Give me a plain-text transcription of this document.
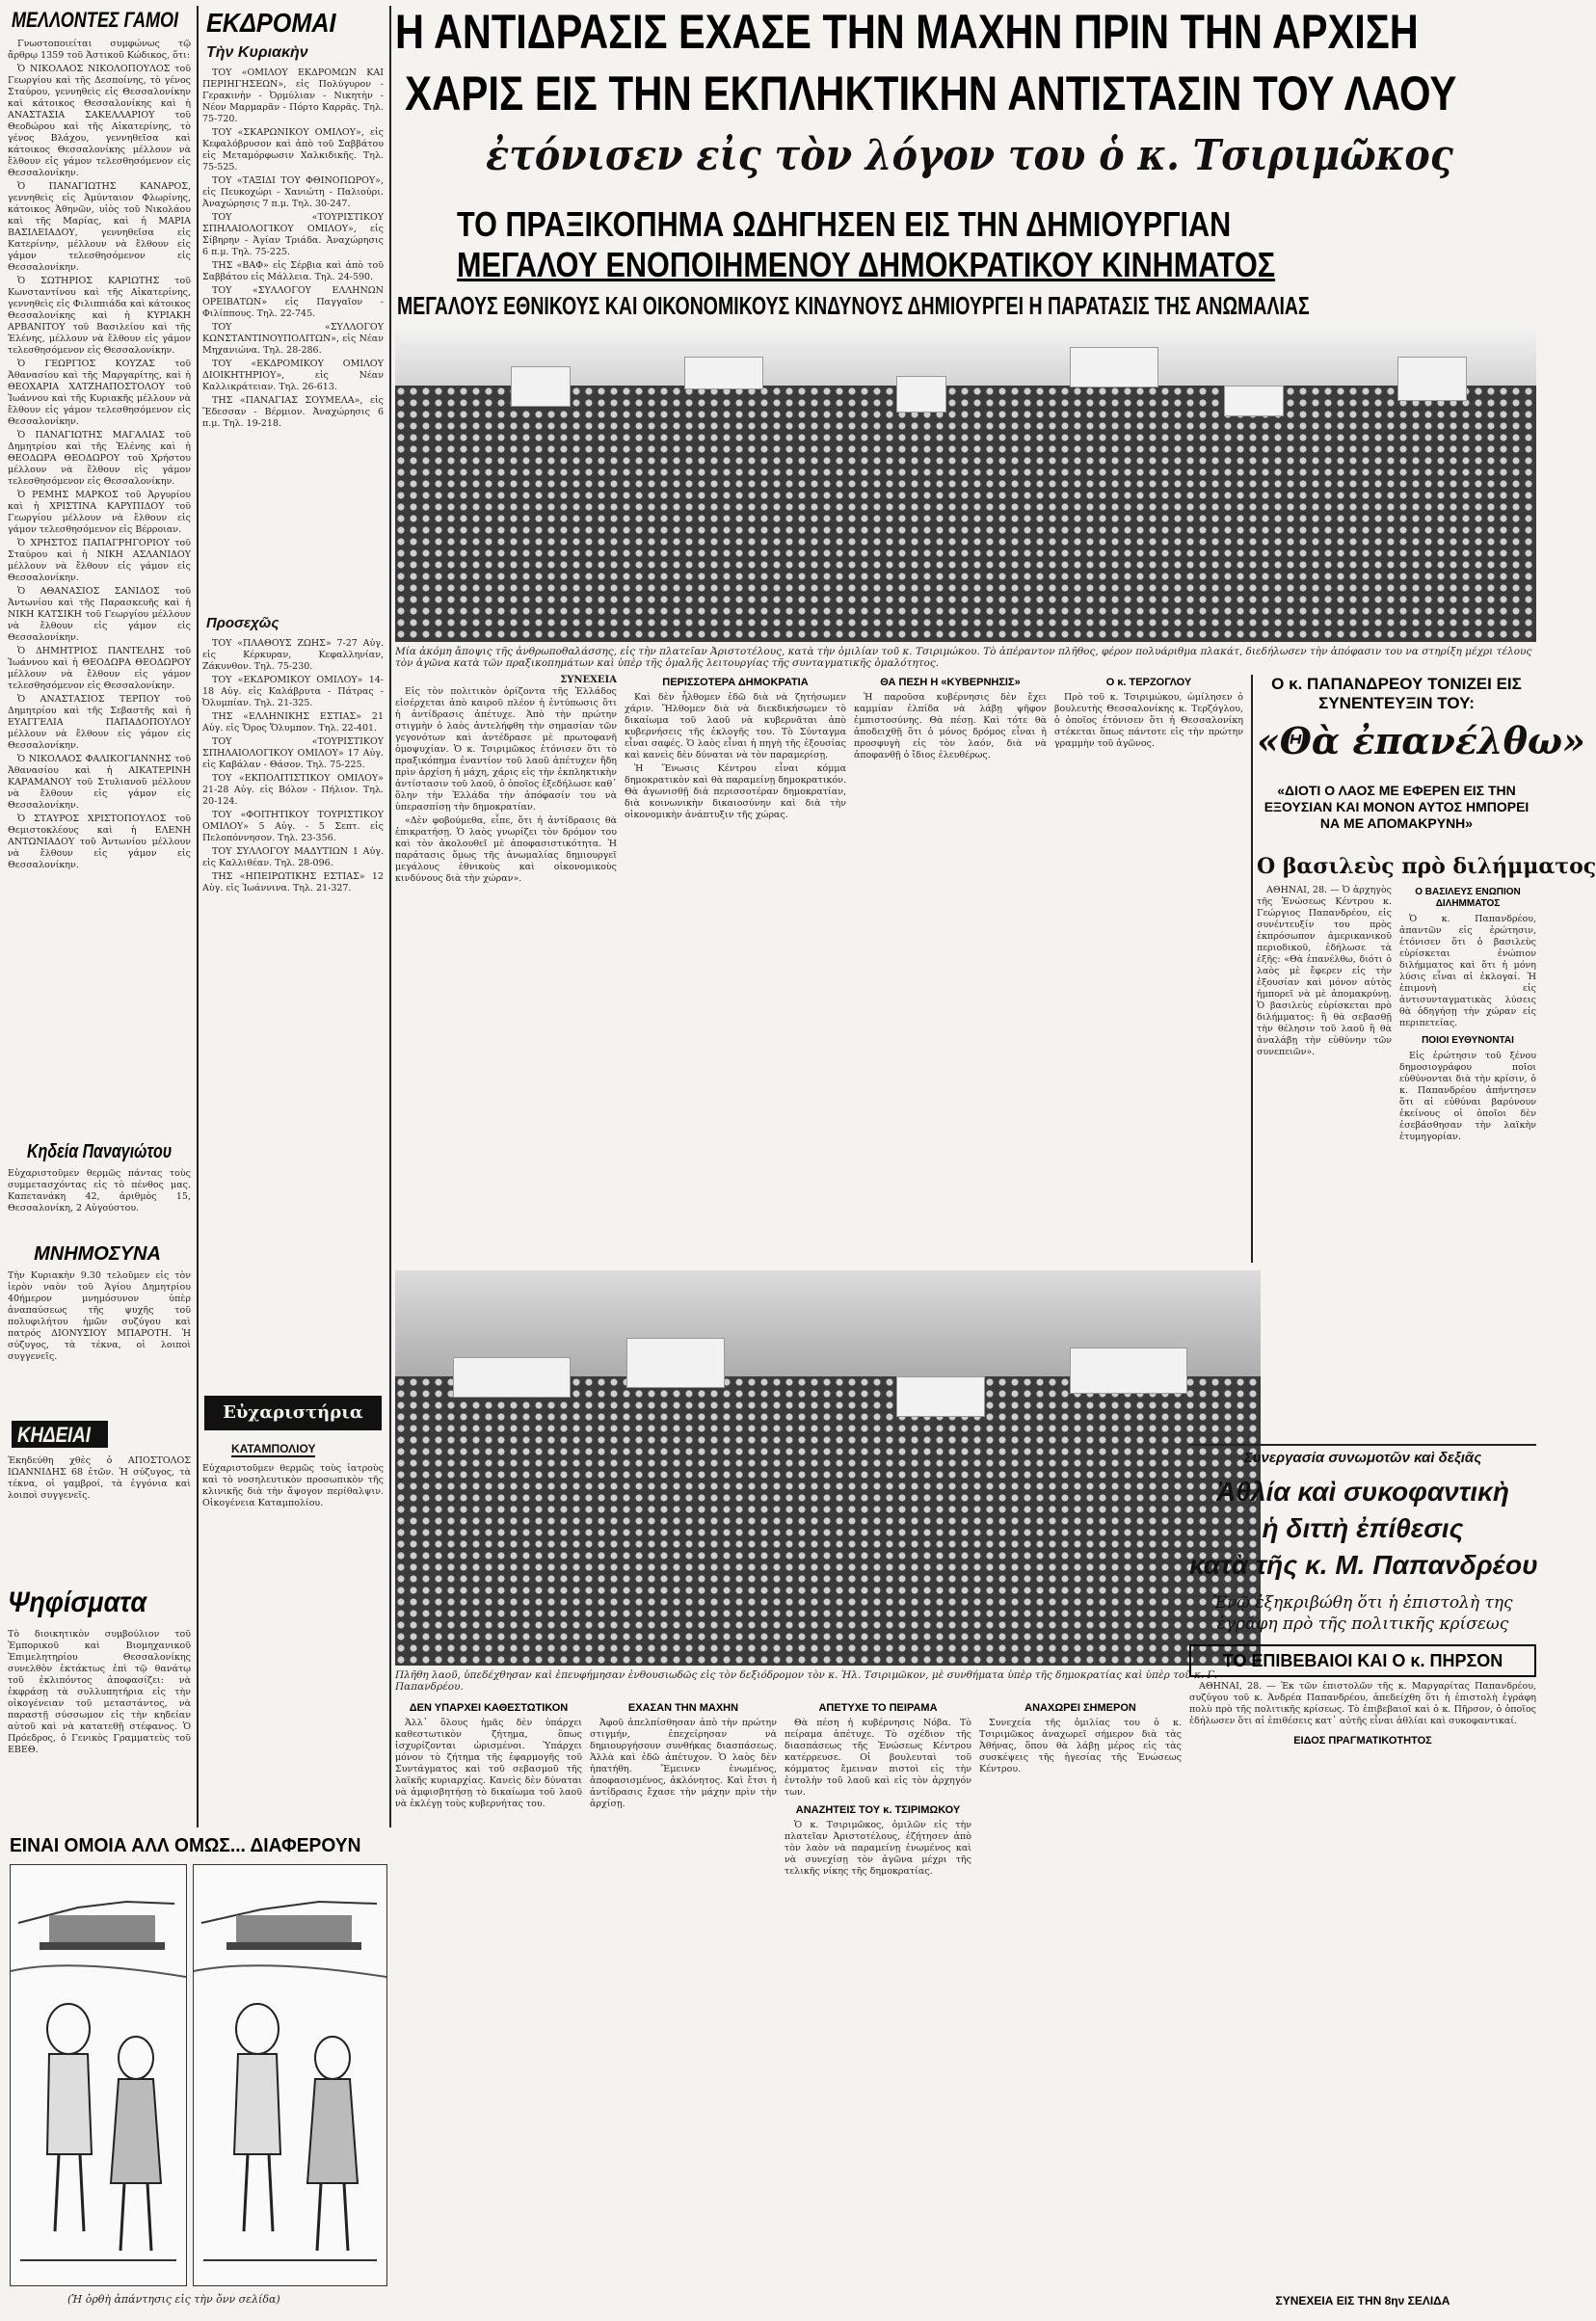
ΜΕΛΛΟΝΤΕΣ ΓΑΜΟΙ

Γνωστοποιείται συμφώνως τῷ ἄρθρῳ 1359 τοῦ Ἀστικοῦ Κώδικος, ὅτι:

Ὁ ΝΙΚΟΛΑΟΣ ΝΙΚΟΛΟΠΟΥΛΟΣ τοῦ Γεωργίου καὶ τῆς Δεσποίνης, τὸ γένος Σταύρου, γεννηθεὶς εἰς Θεσσαλονίκην καὶ κάτοικος Θεσσαλονίκης καὶ ἡ ΑΝΑΣΤΑΣΙΑ ΣΑΚΕΛΛΑΡΙΟΥ τοῦ Θεοδώρου καὶ τῆς Αἰκατερίνης, τὸ γένος Βλάχου, γεννηθεῖσα καὶ κάτοικος Θεσσαλονίκης μέλλουν νὰ ἔλθουν εἰς γάμον τελεσθησόμενον εἰς Θεσσαλονίκην.

Ὁ ΠΑΝΑΓΙΩΤΗΣ ΚΑΝΑΡΟΣ, γεννηθεὶς εἰς Ἀμύνταιον Φλωρίνης, κάτοικος Ἀθηνῶν, υἱὸς τοῦ Νικολάου καὶ τῆς Μαρίας, καὶ ἡ ΜΑΡΙΑ ΒΑΣΙΛΕΙΑΔΟΥ, γεννηθεῖσα εἰς Κατερίνην, μέλλουν νὰ ἔλθουν εἰς γάμον τελεσθησόμενον εἰς Θεσσαλονίκην.

Ὁ ΣΩΤΗΡΙΟΣ ΚΑΡΙΩΤΗΣ τοῦ Κωνσταντίνου καὶ τῆς Αἰκατερίνης, γεννηθεὶς εἰς Φιλιππιάδα καὶ κάτοικος Θεσσαλονίκης καὶ ἡ ΚΥΡΙΑΚΗ ΑΡΒΑΝΙΤΟΥ τοῦ Βασιλείου καὶ τῆς Ἑλένης, μέλλουν νὰ ἔλθουν εἰς γάμον τελεσθησόμενον εἰς Θεσσαλονίκην.

Ὁ ΓΕΩΡΓΙΟΣ ΚΟΥΖΑΣ τοῦ Ἀθανασίου καὶ τῆς Μαργαρίτης, καὶ ἡ ΘΕΟΧΑΡΙΑ ΧΑΤΖΗΑΠΟΣΤΟΛΟΥ τοῦ Ἰωάννου καὶ τῆς Κυριακῆς μέλλουν νὰ ἔλθουν εἰς γάμον τελεσθησόμενον εἰς Θεσσαλονίκην.

Ὁ ΠΑΝΑΓΙΩΤΗΣ ΜΑΓΑΛΙΑΣ τοῦ Δημητρίου καὶ τῆς Ἑλένης καὶ ἡ ΘΕΟΔΩΡΑ ΘΕΟΔΩΡΟΥ τοῦ Χρήστου μέλλουν νὰ ἔλθουν εἰς γάμον τελεσθησόμενον εἰς Θεσσαλονίκην.

Ὁ ΡΕΜΗΣ ΜΑΡΚΟΣ τοῦ Ἀργυρίου καὶ ἡ ΧΡΙΣΤΙΝΑ ΚΑΡΥΠΙΔΟΥ τοῦ Γεωργίου μέλλουν νὰ ἔλθουν εἰς γάμον τελεσθησόμενον εἰς Βέρροιαν.

Ὁ ΧΡΗΣΤΟΣ ΠΑΠΑΓΡΗΓΟΡΙΟΥ τοῦ Σταύρου καὶ ἡ ΝΙΚΗ ΑΣΛΑΝΙΔΟΥ μέλλουν νὰ ἔλθουν εἰς γάμον εἰς Θεσσαλονίκην.

Ὁ ΑΘΑΝΑΣΙΟΣ ΣΑΝΙΔΟΣ τοῦ Ἀντωνίου καὶ τῆς Παρασκευῆς καὶ ἡ ΝΙΚΗ ΚΑΤΣΙΚΗ τοῦ Γεωργίου μέλλουν νὰ ἔλθουν εἰς γάμον εἰς Θεσσαλονίκην.

Ὁ ΔΗΜΗΤΡΙΟΣ ΠΑΝΤΕΛΗΣ τοῦ Ἰωάννου καὶ ἡ ΘΕΟΔΩΡΑ ΘΕΟΔΩΡΟΥ μέλλουν νὰ ἔλθουν εἰς γάμον τελεσθησόμενον εἰς Θεσσαλονίκην.

Ὁ ΑΝΑΣΤΑΣΙΟΣ ΤΕΡΠΟΥ τοῦ Δημητρίου καὶ τῆς Σεβαστῆς καὶ ἡ ΕΥΑΓΓΕΛΙΑ ΠΑΠΑΔΟΠΟΥΛΟΥ μέλλουν νὰ ἔλθουν εἰς γάμον εἰς Θεσσαλονίκην.

Ὁ ΝΙΚΟΛΑΟΣ ΦΑΛΙΚΟΓΙΑΝΝΗΣ τοῦ Ἀθανασίου καὶ ἡ ΑΙΚΑΤΕΡΙΝΗ ΚΑΡΑΜΑΝΟΥ τοῦ Στυλιανοῦ μέλλουν νὰ ἔλθουν εἰς γάμον εἰς Θεσσαλονίκην.

Ὁ ΣΤΑΥΡΟΣ ΧΡΙΣΤΟΠΟΥΛΟΣ τοῦ Θεμιστοκλέους καὶ ἡ ΕΛΕΝΗ ΑΝΤΩΝΙΑΔΟΥ τοῦ Ἀντωνίου μέλλουν νὰ ἔλθουν εἰς γάμον εἰς Θεσσαλονίκην.

Κηδεία Παναγιώτου
Εὐχαριστοῦμεν θερμῶς πάντας τοὺς συμμετασχόντας εἰς τὸ πένθος μας. Καπετανάκη 42, ἀριθμὸς 15, Θεσσαλονίκη, 2 Αὐγούστου.
ΜΝΗΜΟΣΥΝΑ
Τὴν Κυριακὴν 9.30 τελοῦμεν εἰς τὸν ἱερὸν ναὸν τοῦ Ἁγίου Δημητρίου 40ήμερον μνημόσυνον ὑπὲρ ἀναπαύσεως τῆς ψυχῆς τοῦ πολυφιλήτου ἡμῶν συζύγου καὶ πατρός ΔΙΟΝΥΣΙΟΥ ΜΠΑΡΟΤΗ. Ἡ σύζυγος, τὰ τέκνα, οἱ λοιποὶ συγγενεῖς.
ΚΗΔΕΙΑΙ
Ἐκηδεύθη χθὲς ὁ ΑΠΟΣΤΟΛΟΣ ΙΩΑΝΝΙΔΗΣ 68 ἐτῶν. Ἡ σύζυγος, τὰ τέκνα, οἱ γαμβροί, τὰ ἐγγόνια καὶ λοιποὶ συγγενεῖς.
Ψηφίσματα
Τὸ διοικητικὸν συμβούλιον τοῦ Ἐμπορικοῦ καὶ Βιομηχανικοῦ Ἐπιμελητηρίου Θεσσαλονίκης συνελθὸν ἐκτάκτως ἐπὶ τῷ θανάτῳ τοῦ ἐκλιπόντος ἀποφασίζει: νὰ ἐκφράσῃ τὰ συλλυπητήρια εἰς τὴν οἰκογένειαν τοῦ μεταστάντος, νὰ παραστῇ σύσσωμον εἰς τὴν κηδείαν αὐτοῦ καὶ νὰ κατατεθῇ στέφανος. Ὁ Πρόεδρος, ὁ Γενικὸς Γραμματεὺς τοῦ ΕΒΕΘ.
ΕΙΝΑΙ ΟΜΟΙΑ ΑΛΛ ΟΜΩΣ... ΔΙΑΦΕΡΟΥΝ
(Ἡ ὀρθὴ ἀπάντησις εἰς τὴν ὄνν σελίδα)
ΕΚΔΡΟΜΑΙ
Τὴν Κυριακὴν

ΤΟΥ «ΟΜΙΛΟΥ ΕΚΔΡΟΜΩΝ ΚΑΙ ΠΕΡΙΗΓΗΣΕΩΝ», εἰς Πολύγυρον - Γερακινὴν - Ὀρμύλιαν - Νικητὴν - Νέον Μαρμαρᾶν - Πόρτο Καρρᾶς. Τηλ. 75-720.

ΤΟΥ «ΣΚΑΡΩΝΙΚΟΥ ΟΜΙΛΟΥ», εἰς Κεφαλόβρυσον καὶ ἀπὸ τοῦ Σαββάτου εἰς Μεταμόρφωσιν Χαλκιδικῆς. Τηλ. 75-525.

ΤΟΥ «ΤΑΞΙΔΙ ΤΟΥ ΦΘΙΝΟΠΩΡΟΥ», εἰς Πευκοχώρι - Χανιώτη - Παλιούρι. Ἀναχώρησις 7 π.μ. Τηλ. 30-247.

ΤΟΥ «ΤΟΥΡΙΣΤΙΚΟΥ ΣΠΗΛΑΙΟΛΟΓΙΚΟΥ ΟΜΙΛΟΥ», εἰς Σίβηρην - Ἁγίαν Τριάδα. Ἀναχώρησις 6 π.μ. Τηλ. 75-225.

ΤΗΣ «ΒΑΦ» εἰς Σέρβια καὶ ἀπὸ τοῦ Σαββάτου εἰς Μάλλεια. Τηλ. 24-590.

ΤΟΥ «ΣΥΛΛΟΓΟΥ ΕΛΛΗΝΩΝ ΟΡΕΙΒΑΤΩΝ» εἰς Παγγαῖον - Φιλίππους. Τηλ. 22-745.

ΤΟΥ «ΣΥΛΛΟΓΟΥ ΚΩΝΣΤΑΝΤΙΝΟΥΠΟΛΙΤΩΝ», εἰς Νέαν Μηχανιώνα. Τηλ. 28-286.

ΤΟΥ «ΕΚΔΡΟΜΙΚΟΥ ΟΜΙΛΟΥ ΔΙΟΙΚΗΤΗΡΙΟΥ», εἰς Νέαν Καλλικράτειαν. Τηλ. 26-613.

ΤΗΣ «ΠΑΝΑΓΙΑΣ ΣΟΥΜΕΛΑ», εἰς Ἔδεσσαν - Βέρμιον. Ἀναχώρησις 6 π.μ. Τηλ. 19-218.

Προσεχῶς

ΤΟΥ «ΠΛΑΘΟΥΣ ΖΩΗΣ» 7-27 Αὐγ. εἰς Κέρκυραν, Κεφαλληνίαν, Ζάκυνθον. Τηλ. 75-230.

ΤΟΥ «ΕΚΔΡΟΜΙΚΟΥ ΟΜΙΛΟΥ» 14-18 Αὐγ. εἰς Καλάβρυτα - Πάτρας - Ὀλυμπίαν. Τηλ. 21-325.

ΤΗΣ «ΕΛΛΗΝΙΚΗΣ ΕΣΤΙΑΣ» 21 Αὐγ. εἰς Ὄρος Ὄλυμπον. Τηλ. 22-401.

ΤΟΥ «ΤΟΥΡΙΣΤΙΚΟΥ ΣΠΗΛΑΙΟΛΟΓΙΚΟΥ ΟΜΙΛΟΥ» 17 Αὐγ. εἰς Καβάλαν - Θάσον. Τηλ. 75-225.

ΤΟΥ «ΕΚΠΟΛΙΤΙΣΤΙΚΟΥ ΟΜΙΛΟΥ» 21-28 Αὐγ. εἰς Βόλον - Πήλιον. Τηλ. 20-124.

ΤΟΥ «ΦΟΙΤΗΤΙΚΟΥ ΤΟΥΡΙΣΤΙΚΟΥ ΟΜΙΛΟΥ» 5 Αὐγ. - 5 Σεπτ. εἰς Πελοπόννησον. Τηλ. 23-356.

ΤΟΥ ΣΥΛΛΟΓΟΥ ΜΑΔΥΤΙΩΝ 1 Αὐγ. εἰς Καλλιθέαν. Τηλ. 28-096.

ΤΗΣ «ΗΠΕΙΡΩΤΙΚΗΣ ΕΣΤΙΑΣ» 12 Αὐγ. εἰς Ἰωάννινα. Τηλ. 21-327.

Εὐχαριστήρια
ΚΑΤΑΜΠΟΛΙΟΥ
Εὐχαριστοῦμεν θερμῶς τοὺς ἰατροὺς καὶ τὸ νοσηλευτικὸν προσωπικὸν τῆς κλινικῆς διὰ τὴν ἄψογον περίθαλψιν. Οἰκογένεια Καταμπολίου.
Η ΑΝΤΙΔΡΑΣΙΣ ΕΧΑΣΕ ΤΗΝ ΜΑΧΗΝ ΠΡΙΝ ΤΗΝ ΑΡΧΙΣΗ
ΧΑΡΙΣ ΕΙΣ ΤΗΝ ΕΚΠΛΗΚΤΙΚΗΝ ΑΝΤΙΣΤΑΣΙΝ ΤΟΥ ΛΑΟΥ
ἐτόνισεν εἰς τὸν λόγον του ὁ κ. Τσιριμῶκος
ΤΟ ΠΡΑΞΙΚΟΠΗΜΑ ΩΔΗΓΗΣΕΝ ΕΙΣ ΤΗΝ ΔΗΜΙΟΥΡΓΙΑΝ
ΜΕΓΑΛΟΥ ΕΝΟΠΟΙΗΜΕΝΟΥ ΔΗΜΟΚΡΑΤΙΚΟΥ ΚΙΝΗΜΑΤΟΣ
ΜΕΓΑΛΟΥΣ ΕΘΝΙΚΟΥΣ ΚΑΙ ΟΙΚΟΝΟΜΙΚΟΥΣ ΚΙΝΔΥΝΟΥΣ ΔΗΜΙΟΥΡΓΕΙ Η ΠΑΡΑΤΑΣΙΣ ΤΗΣ ΑΝΩΜΑΛΙΑΣ
Μία ἀκόμη ἄποψις τῆς ἀνθρωποθαλάσσης, εἰς τὴν πλατεῖαν Ἀριστοτέλους, κατὰ τὴν ὁμιλίαν τοῦ κ. Τσιριμώκου. Τὸ ἀπέραντον πλῆθος, φέρον πολυάριθμα πλακάτ, διεδήλωσεν τὴν ἀπόφασιν του να στηρίξη μέχρι τέλους τὸν ἀγῶνα κατὰ τῶν πραξικοπημάτων καὶ ὑπὲρ τῆς ὁμαλῆς λειτουργίας τῆς συνταγματικῆς ὁμαλότητος.
ΣΥΝΕΧΕΙΑ

Εἰς τὸν πολιτικὸν ὁρίζοντα τῆς Ἑλλάδος εἰσέρχεται ἀπὸ καιροῦ πλέον ἡ ἐντύπωσις ὅτι ἡ ἀντίδρασις ἀπέτυχε. Ἀπὸ τὴν πρώτην στιγμὴν ὁ λαὸς ἀντελήφθη τὴν σημασίαν τῶν γεγονότων καὶ ἀντέδρασε μὲ πρωτοφανῆ ὁμοψυχίαν. Ὁ κ. Τσιριμῶκος ἐτόνισεν ὅτι τὸ πραξικόπημα ἐναντίον τοῦ λαοῦ ἀπέτυχεν ἤδη πρὶν ἀρχίση ἡ μάχη, χάρις εἰς τὴν ἐκπληκτικὴν ἀντίστασιν τοῦ λαοῦ, ὁ ὁποῖος ἐξεδήλωσε καθ᾽ ὅλην τὴν Ἑλλάδα τὴν ἀπόφασίν του νὰ ὑπερασπίσῃ τὴν δημοκρατίαν.

«Δὲν φοβούμεθα, εἶπε, ὅτι ἡ ἀντίδρασις θὰ ἐπικρατήσῃ. Ὁ λαὸς γνωρίζει τὸν δρόμον του καὶ τὸν ἀκολουθεῖ μὲ ἀποφασιστικότητα. Ἡ παράτασις ὅμως τῆς ἀνωμαλίας δημιουργεῖ μεγάλους ἐθνικοὺς καὶ οἰκονομικοὺς κινδύνους διὰ τὴν χώραν».

ΠΕΡΙΣΣΟΤΕΡΑ ΔΗΜΟΚΡΑΤΙΑ

Καὶ δὲν ἦλθομεν ἐδῶ διὰ νὰ ζητήσωμεν χάριν. Ἤλθομεν διὰ νὰ διεκδικήσωμεν τὸ δικαίωμα τοῦ λαοῦ νὰ κυβερνᾶται ἀπὸ κυβερνήσεις τῆς ἐκλογῆς του. Τὸ Σύνταγμα εἶναι σαφές. Ὁ λαὸς εἶναι ἡ πηγὴ τῆς ἐξουσίας καὶ κανεὶς δὲν δύναται νὰ τὸν παραμερίσῃ.

Ἡ Ἕνωσις Κέντρου εἶναι κόμμα δημοκρατικὸν καὶ θὰ παραμείνῃ δημοκρατικόν. Θὰ ἀγωνισθῇ διὰ περισσοτέραν δημοκρατίαν, διὰ κοινωνικὴν δικαιοσύνην καὶ διὰ τὴν οἰκονομικὴν ἀνάπτυξιν τῆς χώρας.

ΘΑ ΠΕΣΗ Η «ΚΥΒΕΡΝΗΣΙΣ»

Ἡ παροῦσα κυβέρνησις δὲν ἔχει καμμίαν ἐλπίδα νὰ λάβῃ ψῆφον ἐμπιστοσύνης. Θὰ πέσῃ. Καὶ τότε θὰ ἀποδειχθῇ ὅτι ὁ μόνος δρόμος εἶναι ἡ προσφυγὴ εἰς τὸν λαόν, διὰ νὰ ἀποφανθῇ ὁ ἴδιος ἐλευθέρως.

Ο κ. ΤΕΡΖΟΓΛΟΥ

Πρὸ τοῦ κ. Τσιριμώκου, ὡμίλησεν ὁ βουλευτὴς Θεσσαλονίκης κ. Τερζόγλου, ὁ ὁποῖος ἐτόνισεν ὅτι ἡ Θεσσαλονίκη στέκεται ὅπως πάντοτε εἰς τὴν πρώτην γραμμὴν τοῦ ἀγῶνος.

Πλῆθη λαοῦ, ὑπεδέχθησαν καὶ ἐπευφήμησαν ἐνθουσιωδῶς εἰς τὸν δεξιόδρομον τὸν κ. Ἠλ. Τσιριμῶκον, μὲ συνθήματα ὑπὲρ τῆς δημοκρατίας καὶ ὑπὲρ τοῦ κ. Γ. Παπανδρέου.
ΔΕΝ ΥΠΑΡΧΕΙ ΚΑΘΕΣΤΩΤΙΚΟΝ

Ἀλλ᾽ ὅλους ἡμᾶς δὲν ὑπάρχει καθεστωτικὸν ζήτημα, ὅπως ἰσχυρίζονται ὡρισμένοι. Ὑπάρχει μόνον τὸ ζήτημα τῆς ἐφαρμογῆς τοῦ Συντάγματος καὶ τοῦ σεβασμοῦ τῆς λαϊκῆς κυριαρχίας. Κανεὶς δὲν δύναται νὰ ἀμφισβητήσῃ τὸ δικαίωμα τοῦ λαοῦ νὰ ἐκλέγῃ τοὺς κυβερνήτας του.

ΕΧΑΣΑΝ ΤΗΝ ΜΑΧΗΝ

Ἀφοῦ ἀπελπίσθησαν ἀπὸ τὴν πρώτην στιγμήν, ἐπεχείρησαν νὰ δημιουργήσουν συνθήκας διασπάσεως. Ἀλλὰ καὶ ἐδῶ ἀπέτυχον. Ὁ λαὸς δὲν ἠπατήθη. Ἔμεινεν ἑνωμένος, ἀποφασισμένος, ἀκλόνητος. Καὶ ἔτσι ἡ ἀντίδρασις ἔχασε τὴν μάχην πρὶν τὴν ἀρχίσῃ.

ΑΠΕΤΥΧΕ ΤΟ ΠΕΙΡΑΜΑ

Θὰ πέση ἡ κυβέρνησις Νόβα. Τὸ πείραμα ἀπέτυχε. Τὸ σχέδιον τῆς διασπάσεως τῆς Ἑνώσεως Κέντρου κατέρρευσε. Οἱ βουλευταὶ τοῦ κόμματος ἔμειναν πιστοὶ εἰς τὴν ἐντολὴν τοῦ λαοῦ καὶ εἰς τὸν ἀρχηγόν των.

ΑΝΑΖΗΤΕΙΣ ΤΟΥ κ. ΤΣΙΡΙΜΩΚΟΥ

Ὁ κ. Τσιριμῶκος, ὁμιλῶν εἰς τὴν πλατεῖαν Ἀριστοτέλους, ἐζήτησεν ἀπὸ τὸν λαὸν νὰ παραμείνῃ ἑνωμένος καὶ νὰ συνεχίσῃ τὸν ἀγῶνα μέχρι τῆς τελικῆς νίκης τῆς δημοκρατίας.

ΑΝΑΧΩΡΕΙ ΣΗΜΕΡΟΝ

Συνεχεία τῆς ὁμιλίας του ὁ κ. Τσιριμῶκος ἀναχωρεῖ σήμερον διὰ τὰς Ἀθήνας, ὅπου θὰ λάβῃ μέρος εἰς τὰς συσκέψεις τῆς ἡγεσίας τῆς Ἑνώσεως Κέντρου.

Ο κ. ΠΑΠΑΝΔΡΕΟΥ ΤΟΝΙΖΕΙ ΕΙΣ ΣΥΝΕΝΤΕΥΞΙΝ ΤΟΥ:
«Θὰ ἐπανέλθω»
«ΔΙΟΤΙ Ο ΛΑΟΣ ΜΕ ΕΦΕΡΕΝ ΕΙΣ ΤΗΝ ΕΞΟΥΣΙΑΝ ΚΑΙ ΜΟΝΟΝ ΑΥΤΟΣ ΗΜΠΟΡΕΙ ΝΑ ΜΕ ΑΠΟΜΑΚΡΥΝΗ»
Ο βασιλεὺς πρὸ διλήμματος

ΑΘΗΝΑΙ, 28. — Ὁ ἀρχηγὸς τῆς Ἑνώσεως Κέντρου κ. Γεώργιος Παπανδρέου, εἰς συνέντευξίν του πρὸς ἐκπρόσωπον ἀμερικανικοῦ περιοδικοῦ, ἐδήλωσε τὰ ἑξῆς: «Θὰ ἐπανέλθω, διότι ὁ λαὸς μὲ ἔφερεν εἰς τὴν ἐξουσίαν καὶ μόνον αὐτὸς ἠμπορεῖ νὰ μὲ ἀπομακρύνῃ. Ὁ βασιλεὺς εὑρίσκεται πρὸ διλήμματος: ἢ θὰ σεβασθῇ τὴν θέλησιν τοῦ λαοῦ ἢ θὰ ἀναλάβῃ τὴν εὐθύνην τῶν συνεπειῶν».

Ο ΒΑΣΙΛΕΥΣ ΕΝΩΠΙΟΝ ΔΙΛΗΜΜΑΤΟΣ

Ὁ κ. Παπανδρέου, ἀπαντῶν εἰς ἐρώτησιν, ἐτόνισεν ὅτι ὁ βασιλεὺς εὑρίσκεται ἐνώπιον διλήμματος καὶ ὅτι ἡ μόνη λύσις εἶναι αἱ ἐκλογαί. Ἡ ἐπιμονὴ εἰς ἀντισυνταγματικὰς λύσεις θὰ ὁδηγήσῃ τὴν χώραν εἰς περιπετείας.

ΠΟΙΟΙ ΕΥΘΥΝΟΝΤΑΙ

Εἰς ἐρώτησιν τοῦ ξένου δημοσιογράφου ποῖοι εὐθύνονται διὰ τὴν κρίσιν, ὁ κ. Παπανδρέου ἀπήντησεν ὅτι αἱ εὐθύναι βαρύνουν ἐκείνους οἱ ὁποῖοι δὲν ἐσεβάσθησαν τὴν λαϊκὴν ἐτυμηγορίαν.

Συνεργασία συνωμοτῶν καὶ δεξιᾶς
Ἀθλία καὶ συκοφαντικὴ
ἡ διττὴ ἐπίθεσις
κατὰ τῆς κ. Μ. Παπανδρέου
Ἐνῷ ἐξηκριβώθη ὅτι ἡ ἐπιστολὴ της ἐγράφη πρὸ τῆς πολιτικῆς κρίσεως
ΤΟ ΕΠΙΒΕΒΑΙΟΙ ΚΑΙ Ο κ. ΠΗΡΣΟΝ

ΑΘΗΝΑΙ, 28. — Ἐκ τῶν ἐπιστολῶν τῆς κ. Μαργαρίτας Παπανδρέου, συζύγου τοῦ κ. Ἀνδρέα Παπανδρέου, ἀπεδείχθη ὅτι ἡ ἐπιστολὴ ἐγράφη πολὺ πρὸ τῆς πολιτικῆς κρίσεως. Τὸ ἐπιβεβαιοῖ καὶ ὁ κ. Πῆρσον, ὁ ὁποῖος ἐδήλωσεν ὅτι αἱ ἐπιθέσεις κατ᾽ αὐτῆς εἶναι ἀθλίαι καὶ συκοφαντικαί.

ΕΙΔΟΣ ΠΡΑΓΜΑΤΙΚΟΤΗΤΟΣ
ΣΥΝΕΧΕΙΑ ΕΙΣ ΤΗΝ 8ην ΣΕΛΙΔΑ
